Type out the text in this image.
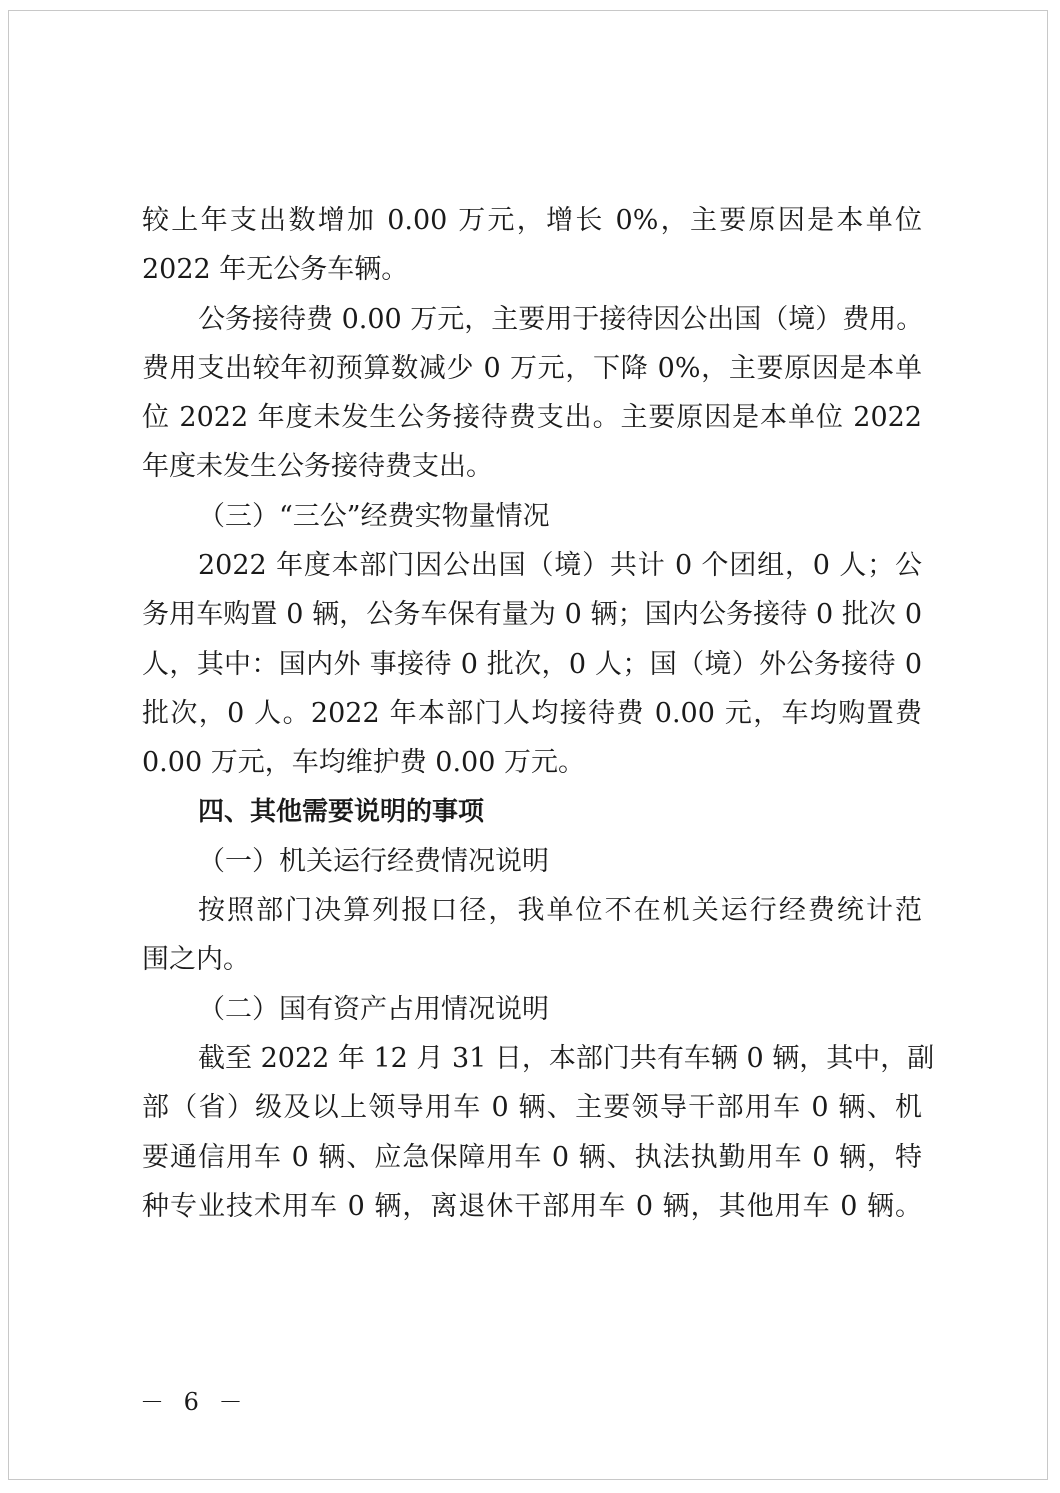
较上年支出数增加 0.00 万元，增长 0%，主要原因是本单位
2022 年无公务车辆。
公务接待费 0.00 万元，主要用于接待因公出国（境）费用。
费用支出较年初预算数减少 0 万元，下降 0%，主要原因是本单
位 2022 年度未发生公务接待费支出。主要原因是本单位 2022
年度未发生公务接待费支出。
（三）“三公”经费实物量情况
2022 年度本部门因公出国（境）共计 0 个团组，0 人；公
务用车购置 0 辆，公务车保有量为 0 辆；国内公务接待 0 批次 0
人，其中：国内外 事接待 0 批次，0 人；国（境）外公务接待 0
批次，0 人。2022 年本部门人均接待费 0.00 元，车均购置费
0.00 万元，车均维护费 0.00 万元。
四、其他需要说明的事项
（一）机关运行经费情况说明
按照部门决算列报口径，我单位不在机关运行经费统计范
围之内。
（二）国有资产占用情况说明
截至 2022 年 12 月 31 日，本部门共有车辆 0 辆，其中，副
部（省）级及以上领导用车 0 辆、主要领导干部用车 0 辆、机
要通信用车 0 辆、应急保障用车 0 辆、执法执勤用车 0 辆，特
种专业技术用车 0 辆，离退休干部用车 0 辆，其他用车 0 辆。
－ 6 －
